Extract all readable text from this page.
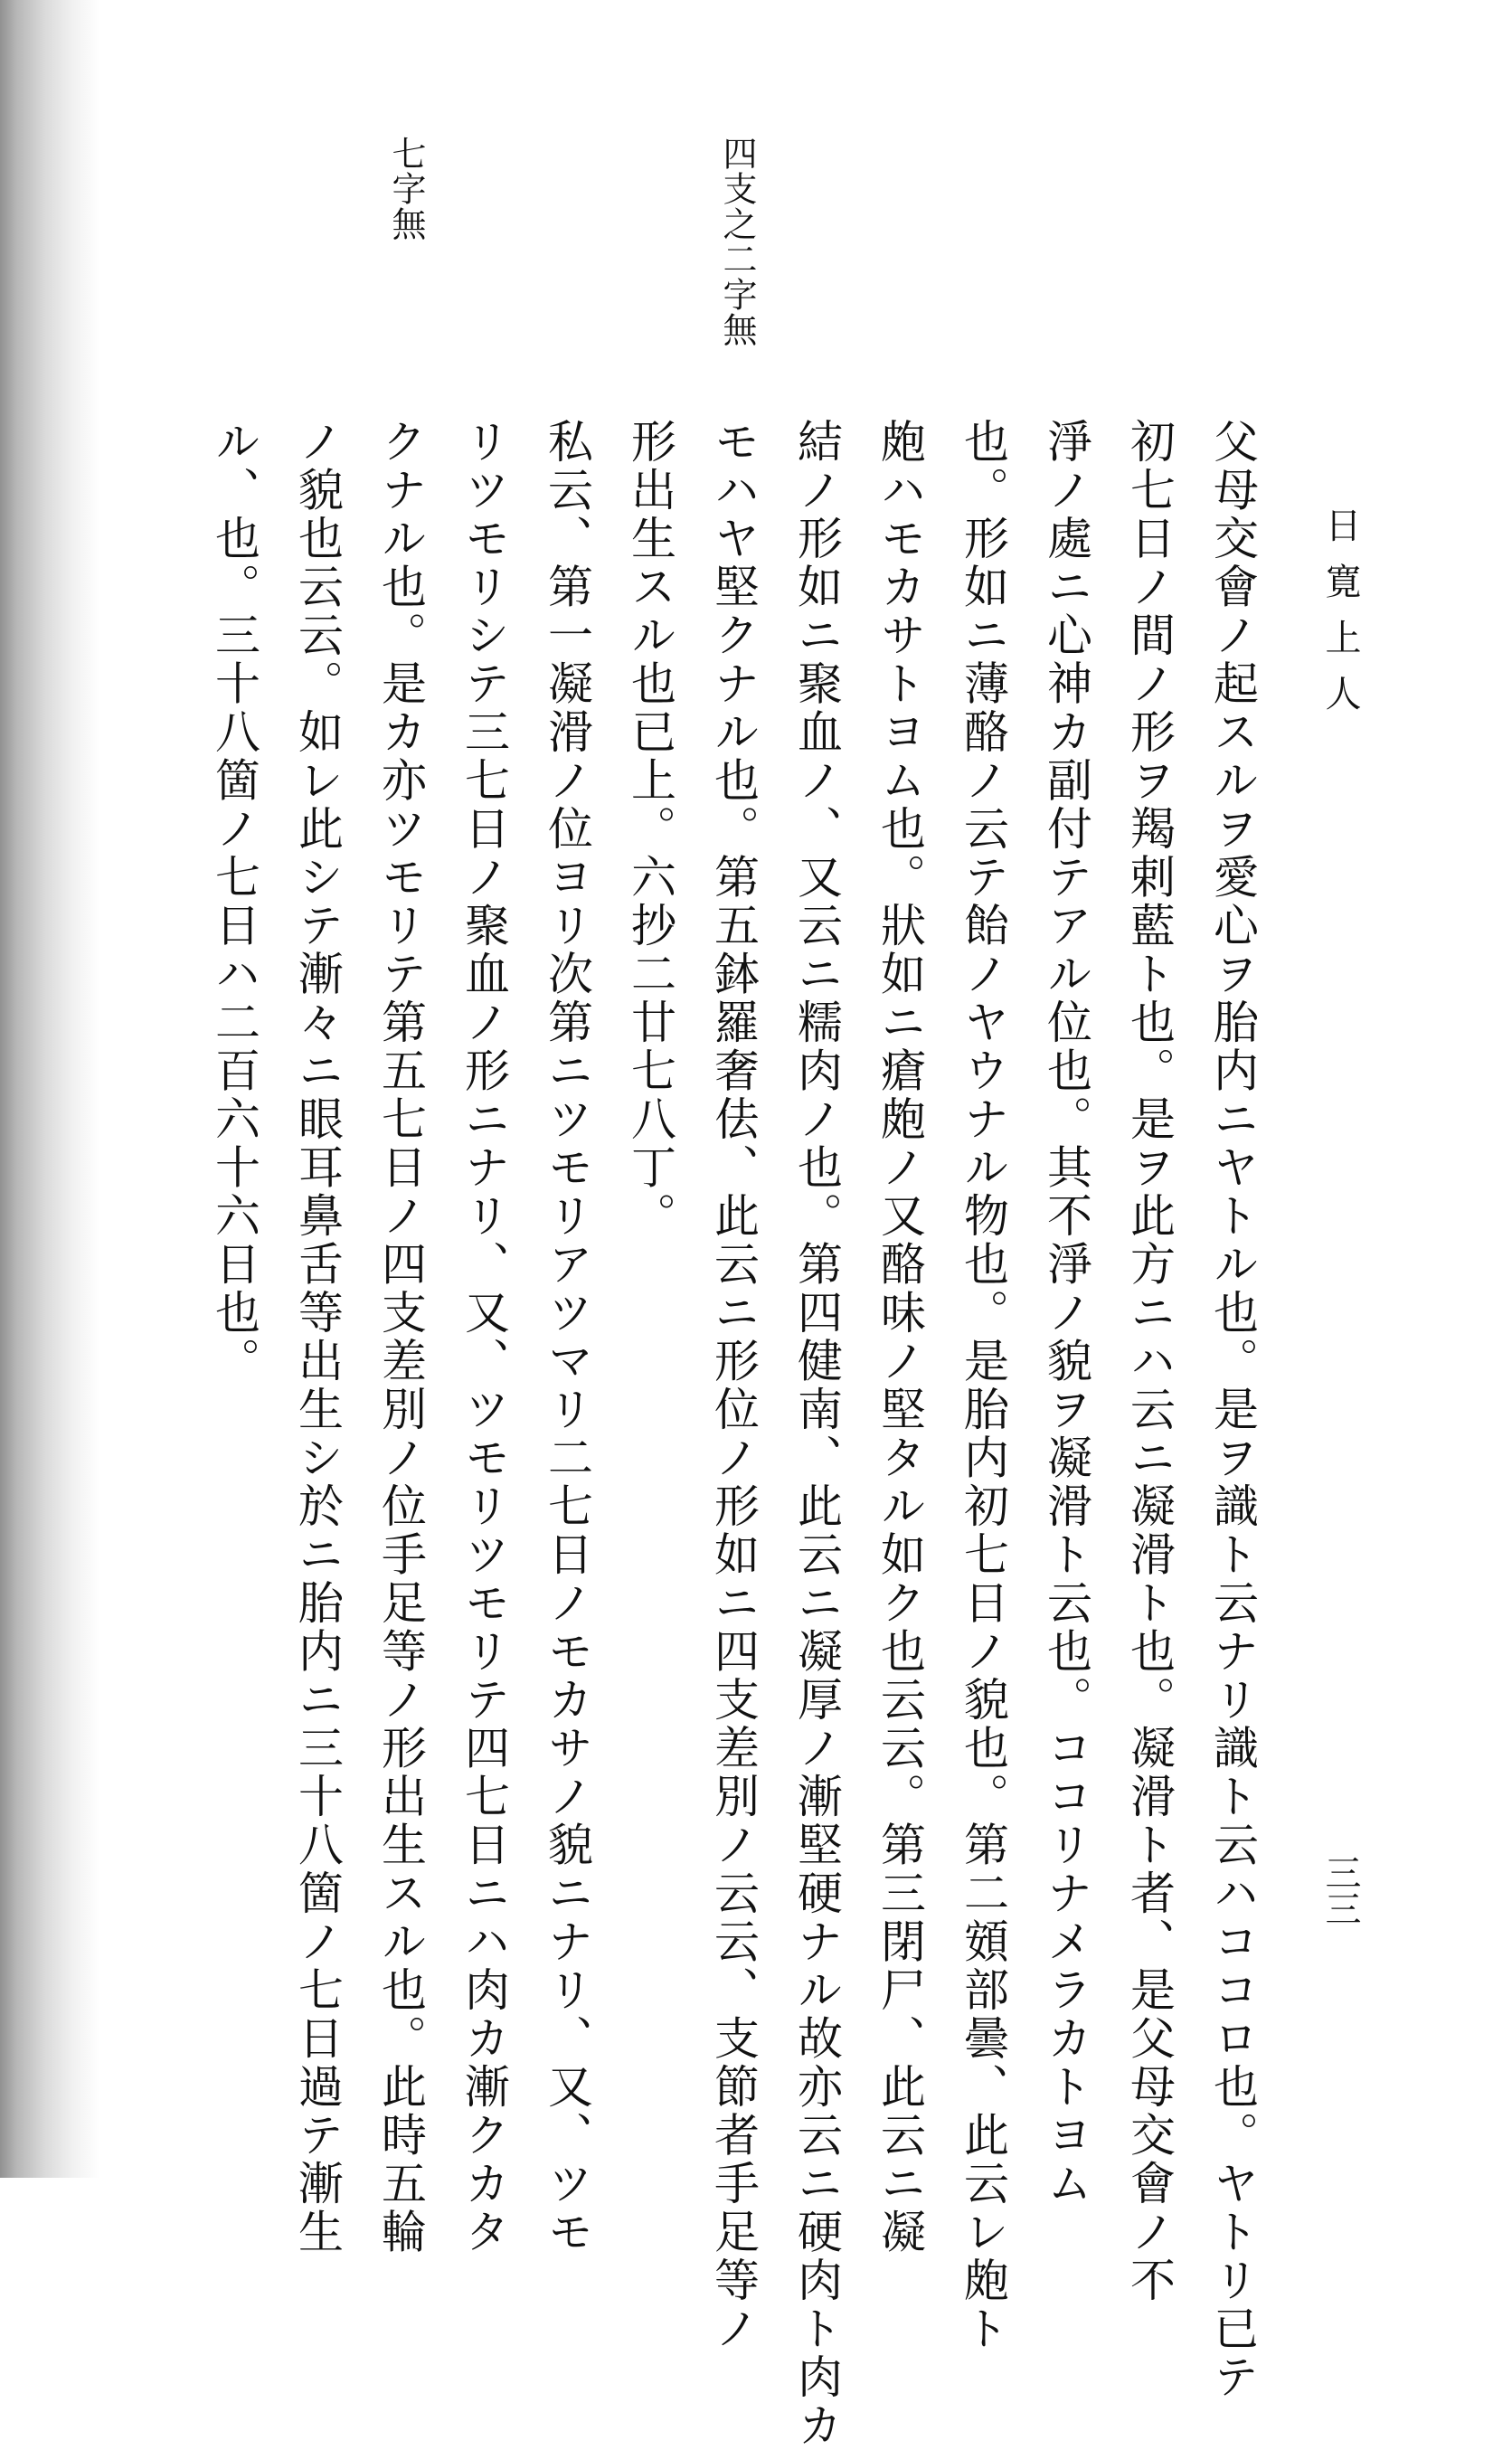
日寛上人
三三
四支之二字無
七字無
父母交會ノ起スルヲ愛心ヲ胎内ニヤトル也。是ヲ識ト云ナリ識ト云ハココロ也。ヤトリ已テ
初七日ノ間ノ形ヲ羯剌藍ト也。是ヲ此方ニハ云ニ凝滑ト也。凝滑ト者、是父母交會ノ不
淨ノ處ニ心神カ副付テアル位也。其不淨ノ貌ヲ凝滑ト云也。ココリナメラカトヨム
也。形如ニ薄酪ノ云テ飴ノヤウナル物也。是胎内初七日ノ貌也。第二頞部曇、此云レ皰ト
皰ハモカサトヨム也。狀如ニ瘡皰ノ又酪味ノ堅タル如ク也云云。第三閉尸、此云ニ凝
結ノ形如ニ聚血ノ、又云ニ糯肉ノ也。第四健南、此云ニ凝厚ノ漸堅硬ナル故亦云ニ硬肉ト肉カ
モハヤ堅クナル也。第五鉢羅奢佉、此云ニ形位ノ形如ニ四支差別ノ云云、支節者手足等ノ
形出生スル也已上。六抄二廿七八丁。
私云、第一凝滑ノ位ヨリ次第ニツモリアツマリ二七日ノモカサノ貌ニナリ、又、ツモ
リツモリシテ三七日ノ聚血ノ形ニナリ、又、ツモリツモリテ四七日ニハ肉カ漸クカタ
クナル也。是カ亦ツモリテ第五七日ノ四支差別ノ位手足等ノ形出生スル也。此時五輪
ノ貌也云云。如レ此シテ漸々ニ眼耳鼻舌等出生シ於ニ胎内ニ三十八箇ノ七日過テ漸生
ル、也。三十八箇ノ七日ハ二百六十六日也。
